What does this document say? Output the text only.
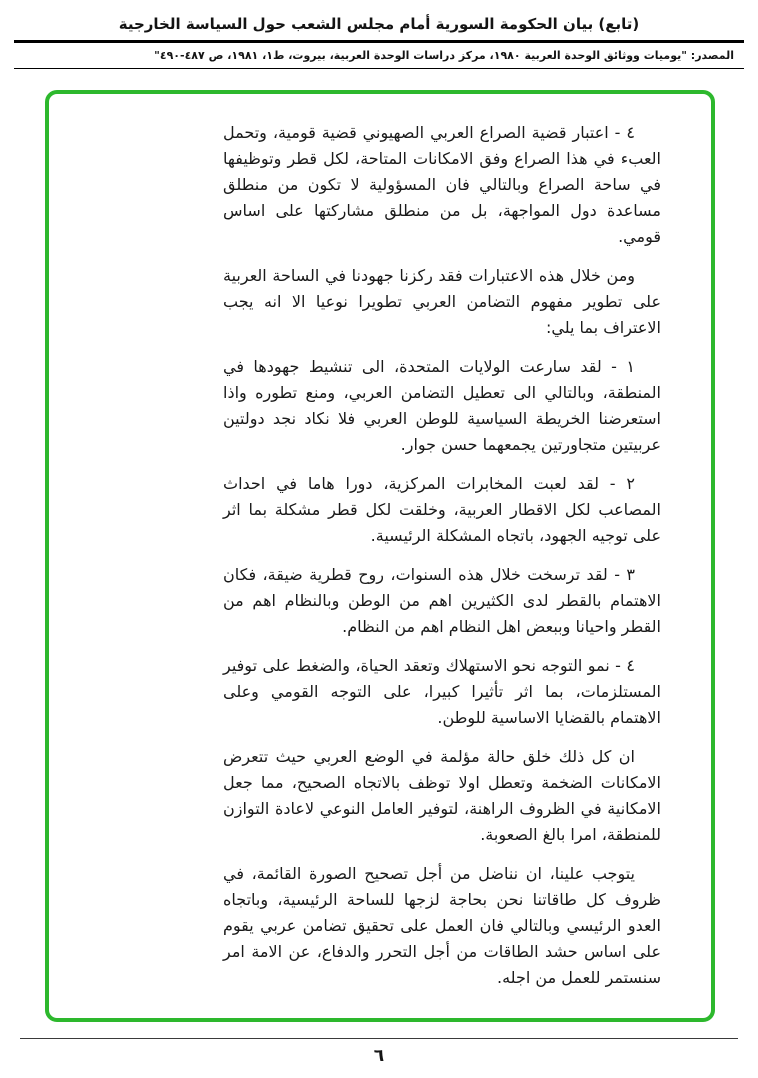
(تابع) بيان الحكومة السورية أمام مجلس الشعب حول السياسة الخارجية
المصدر: "يوميات ووثائق الوحدة العربية ١٩٨٠، مركز دراسات الوحدة العربية، بيروت، ط١، ١٩٨١، ص ٤٨٧-٤٩٠"

٤ - اعتبار قضية الصراع العربي الصهيوني قضية قومية، وتحمل العبء في هذا الصراع وفق الامكانات المتاحة، لكل قطر وتوظيفها في ساحة الصراع وبالتالي فان المسؤولية لا تكون من منطلق مساعدة دول المواجهة، بل من منطلق مشاركتها على اساس قومي.

ومن خلال هذه الاعتبارات فقد ركزنا جهودنا في الساحة العربية على تطوير مفهوم التضامن العربي تطويرا نوعيا الا انه يجب الاعتراف بما يلي:

١ - لقد سارعت الولايات المتحدة، الى تنشيط جهودها في المنطقة، وبالتالي الى تعطيل التضامن العربي، ومنع تطوره واذا استعرضنا الخريطة السياسية للوطن العربي فلا نكاد نجد دولتين عربيتين متجاورتين يجمعهما حسن جوار.

٢ - لقد لعبت المخابرات المركزية، دورا هاما في احداث المصاعب لكل الاقطار العربية، وخلقت لكل قطر مشكلة بما اثر على توجيه الجهود، باتجاه المشكلة الرئيسية.

٣ - لقد ترسخت خلال هذه السنوات، روح قطرية ضيقة، فكان الاهتمام بالقطر لدى الكثيرين اهم من الوطن وبالنظام اهم من القطر واحيانا وببعض اهل النظام اهم من النظام.

٤ - نمو التوجه نحو الاستهلاك وتعقد الحياة، والضغط على توفير المستلزمات، بما اثر تأثيرا كبيرا، على التوجه القومي وعلى الاهتمام بالقضايا الاساسية للوطن.

ان كل ذلك خلق حالة مؤلمة في الوضع العربي حيث تتعرض الامكانات الضخمة وتعطل اولا توظف بالاتجاه الصحيح، مما جعل الامكانية في الظروف الراهنة، لتوفير العامل النوعي لاعادة التوازن للمنطقة، امرا بالغ الصعوبة.

يتوجب علينا، ان نناضل من أجل تصحيح الصورة القائمة، في ظروف كل طاقاتنا نحن بحاجة لزجها للساحة الرئيسية، وباتجاه العدو الرئيسي وبالتالي فان العمل على تحقيق تضامن عربي يقوم على اساس حشد الطاقات من أجل التحرر والدفاع، عن الامة امر سنستمر للعمل من اجله.

٦
